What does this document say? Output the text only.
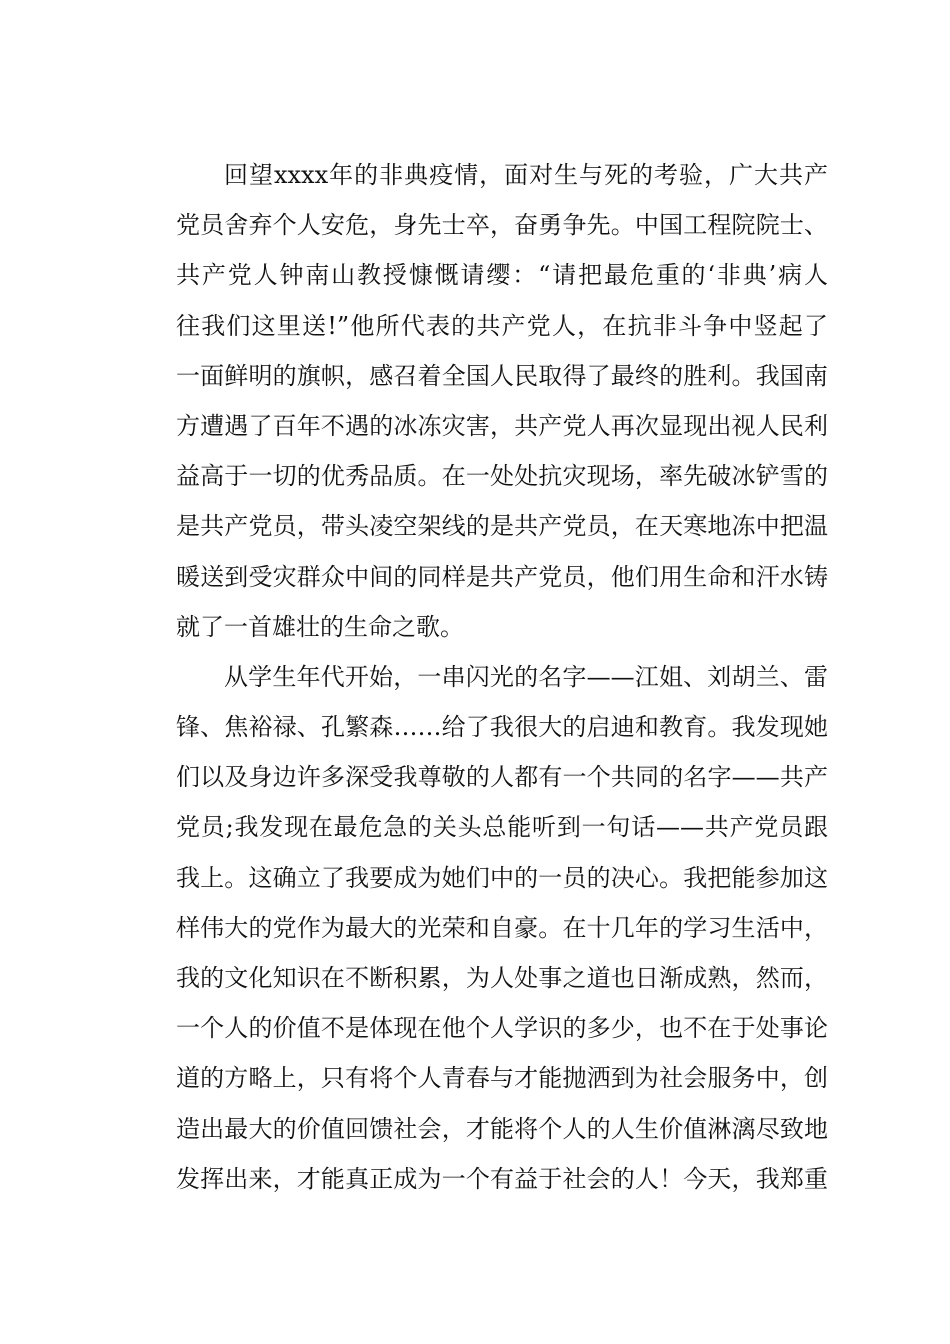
回望xxxx年的非典疫情，面对生与死的考验，广大共产
党员舍弃个人安危，身先士卒，奋勇争先。中国工程院院士、
共产党人钟南山教授慷慨请缨：“请把最危重的‘非典’病人
往我们这里送!”他所代表的共产党人，在抗非斗争中竖起了
一面鲜明的旗帜，感召着全国人民取得了最终的胜利。我国南
方遭遇了百年不遇的冰冻灾害，共产党人再次显现出视人民利
益高于一切的优秀品质。在一处处抗灾现场，率先破冰铲雪的
是共产党员，带头凌空架线的是共产党员，在天寒地冻中把温
暖送到受灾群众中间的同样是共产党员，他们用生命和汗水铸
就了一首雄壮的生命之歌。
从学生年代开始，一串闪光的名字——江姐、刘胡兰、雷
锋、焦裕禄、孔繁森……给了我很大的启迪和教育。我发现她
们以及身边许多深受我尊敬的人都有一个共同的名字——共产
党员;我发现在最危急的关头总能听到一句话——共产党员跟
我上。这确立了我要成为她们中的一员的决心。我把能参加这
样伟大的党作为最大的光荣和自豪。在十几年的学习生活中，
我的文化知识在不断积累，为人处事之道也日渐成熟，然而，
一个人的价值不是体现在他个人学识的多少，也不在于处事论
道的方略上，只有将个人青春与才能抛洒到为社会服务中，创
造出最大的价值回馈社会，才能将个人的人生价值淋漓尽致地
发挥出来，才能真正成为一个有益于社会的人！今天，我郑重
